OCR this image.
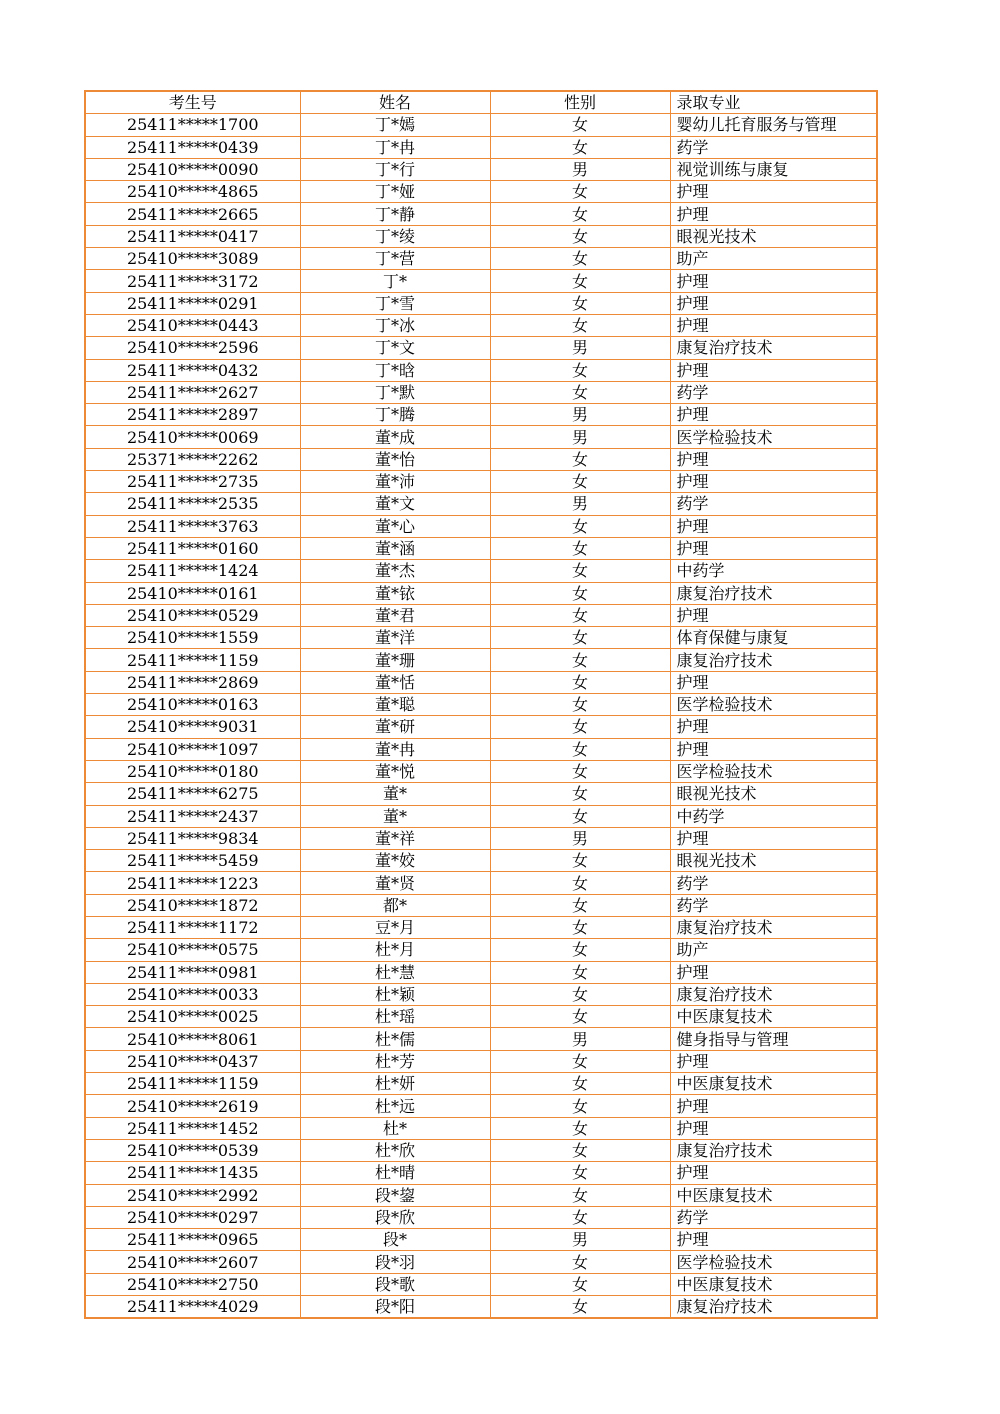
考生号	姓名	性别	录取专业
25411*****1700	丁*嫣	女	婴幼儿托育服务与管理
25411*****0439	丁*冉	女	药学
25410*****0090	丁*行	男	视觉训练与康复
25410*****4865	丁*娅	女	护理
25411*****2665	丁*静	女	护理
25411*****0417	丁*绫	女	眼视光技术
25410*****3089	丁*营	女	助产
25411*****3172	丁*	女	护理
25411*****0291	丁*雪	女	护理
25410*****0443	丁*冰	女	护理
25410*****2596	丁*文	男	康复治疗技术
25411*****0432	丁*晗	女	护理
25411*****2627	丁*默	女	药学
25411*****2897	丁*腾	男	护理
25410*****0069	董*成	男	医学检验技术
25371*****2262	董*怡	女	护理
25411*****2735	董*沛	女	护理
25411*****2535	董*文	男	药学
25411*****3763	董*心	女	护理
25411*****0160	董*涵	女	护理
25411*****1424	董*杰	女	中药学
25410*****0161	董*铱	女	康复治疗技术
25410*****0529	董*君	女	护理
25410*****1559	董*洋	女	体育保健与康复
25411*****1159	董*珊	女	康复治疗技术
25411*****2869	董*恬	女	护理
25410*****0163	董*聪	女	医学检验技术
25410*****9031	董*研	女	护理
25410*****1097	董*冉	女	护理
25410*****0180	董*悦	女	医学检验技术
25411*****6275	董*	女	眼视光技术
25411*****2437	董*	女	中药学
25411*****9834	董*祥	男	护理
25411*****5459	董*姣	女	眼视光技术
25411*****1223	董*贤	女	药学
25410*****1872	都*	女	药学
25411*****1172	豆*月	女	康复治疗技术
25410*****0575	杜*月	女	助产
25411*****0981	杜*慧	女	护理
25410*****0033	杜*颖	女	康复治疗技术
25410*****0025	杜*瑶	女	中医康复技术
25410*****8061	杜*儒	男	健身指导与管理
25410*****0437	杜*芳	女	护理
25411*****1159	杜*妍	女	中医康复技术
25410*****2619	杜*远	女	护理
25411*****1452	杜*	女	护理
25410*****0539	杜*欣	女	康复治疗技术
25411*****1435	杜*晴	女	护理
25410*****2992	段*鋆	女	中医康复技术
25410*****0297	段*欣	女	药学
25411*****0965	段*	男	护理
25410*****2607	段*羽	女	医学检验技术
25410*****2750	段*歌	女	中医康复技术
25411*****4029	段*阳	女	康复治疗技术
